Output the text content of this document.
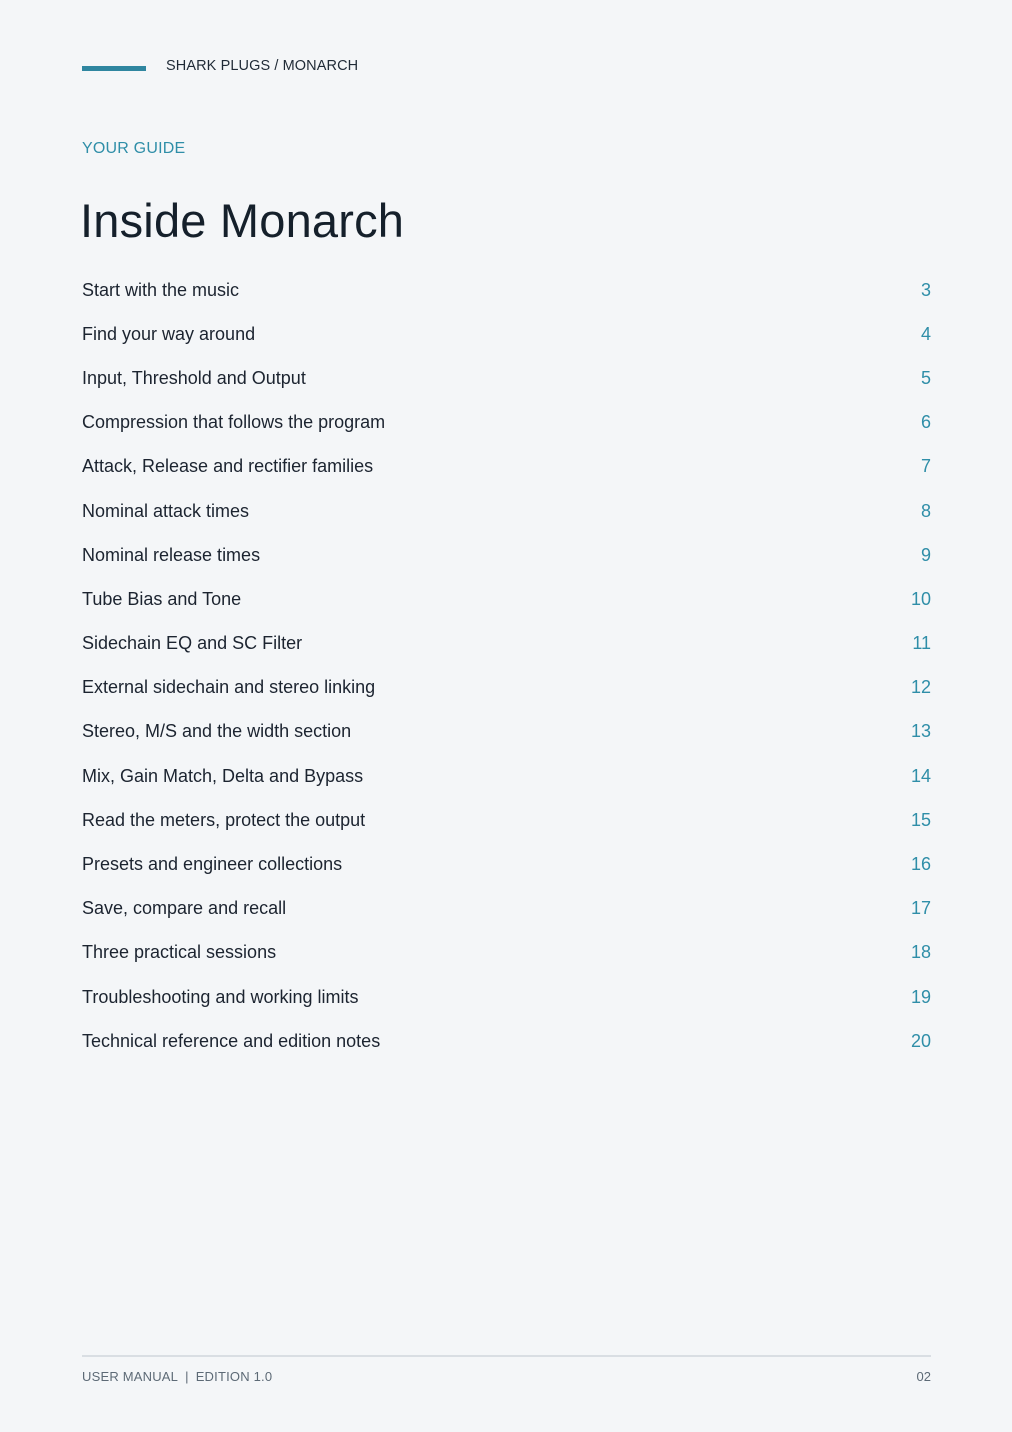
SHARK PLUGS / MONARCH
YOUR GUIDE
Inside Monarch
Start with the music	3
Find your way around	4
Input, Threshold and Output	5
Compression that follows the program	6
Attack, Release and rectifier families	7
Nominal attack times	8
Nominal release times	9
Tube Bias and Tone	10
Sidechain EQ and SC Filter	11
External sidechain and stereo linking	12
Stereo, M/S and the width section	13
Mix, Gain Match, Delta and Bypass	14
Read the meters, protect the output	15
Presets and engineer collections	16
Save, compare and recall	17
Three practical sessions	18
Troubleshooting and working limits	19
Technical reference and edition notes	20
USER MANUAL | EDITION 1.0	02
